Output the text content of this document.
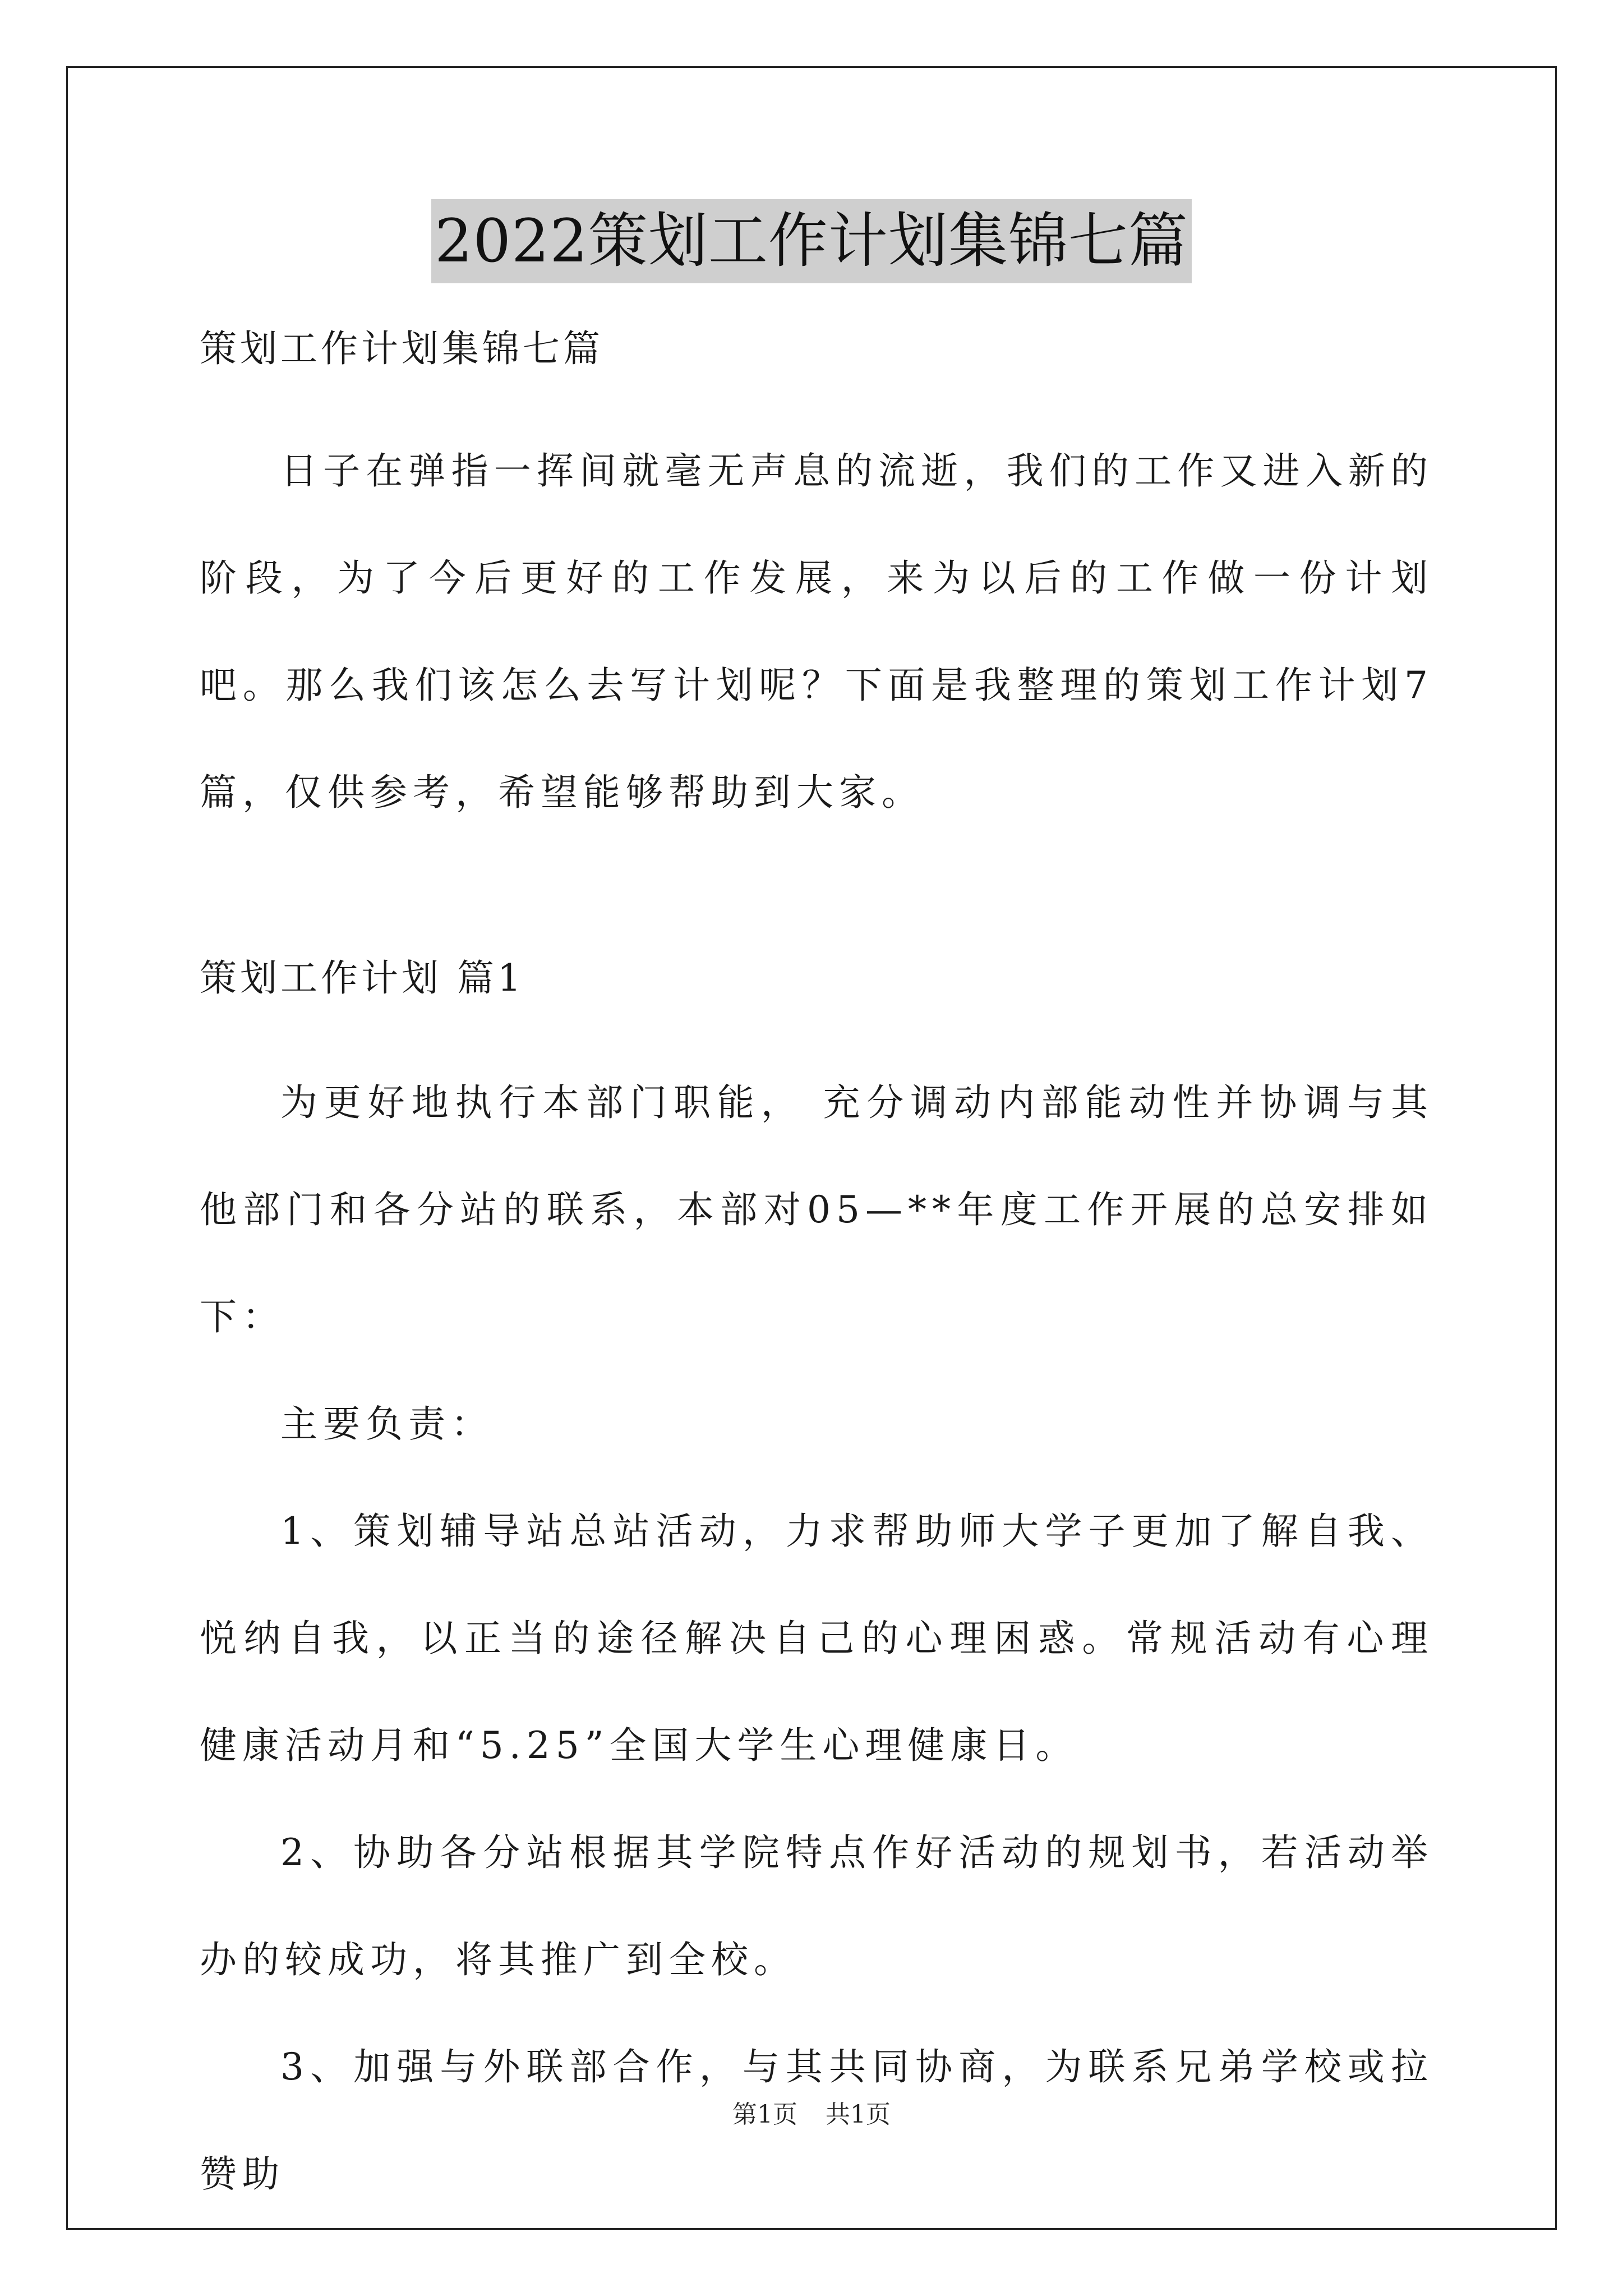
2022策划工作计划集锦七篇
策划工作计划集锦七篇

日子在弹指一挥间就毫无声息的流逝，我们的工作又进入新的阶段，为了今后更好的工作发展，来为以后的工作做一份计划吧。那么我们该怎么去写计划呢？下面是我整理的策划工作计划7篇，仅供参考，希望能够帮助到大家。

策划工作计划 篇1

为更好地执行本部门职能， 充分调动内部能动性并协调与其他部门和各分站的联系，本部对05—**年度工作开展的总安排如下：

主要负责：

1、策划辅导站总站活动，力求帮助师大学子更加了解自我、悦纳自我，以正当的途径解决自己的心理困惑。常规活动有心理健康活动月和“5.25”全国大学生心理健康日。

2、协助各分站根据其学院特点作好活动的规划书，若活动举办的较成功，将其推广到全校。

3、加强与外联部合作，与其共同协商，为联系兄弟学校或拉赞助

第1页 共1页
